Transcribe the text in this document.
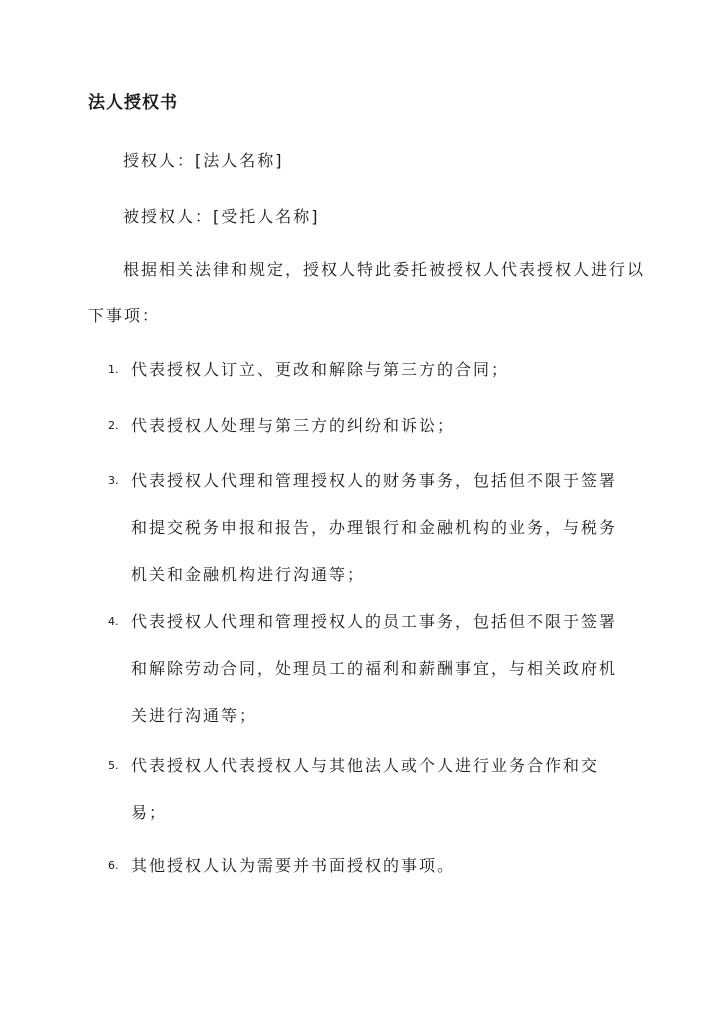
法人授权书
授权人：[法人名称]
被授权人：[受托人名称]
根据相关法律和规定，授权人特此委托被授权人代表授权人进行以下事项：
1. 代表授权人订立、更改和解除与第三方的合同；
2. 代表授权人处理与第三方的纠纷和诉讼；
3. 代表授权人代理和管理授权人的财务事务，包括但不限于签署和提交税务申报和报告，办理银行和金融机构的业务，与税务机关和金融机构进行沟通等；
4. 代表授权人代理和管理授权人的员工事务，包括但不限于签署和解除劳动合同，处理员工的福利和薪酬事宜，与相关政府机关进行沟通等；
5. 代表授权人代表授权人与其他法人或个人进行业务合作和交易；
6. 其他授权人认为需要并书面授权的事项。
